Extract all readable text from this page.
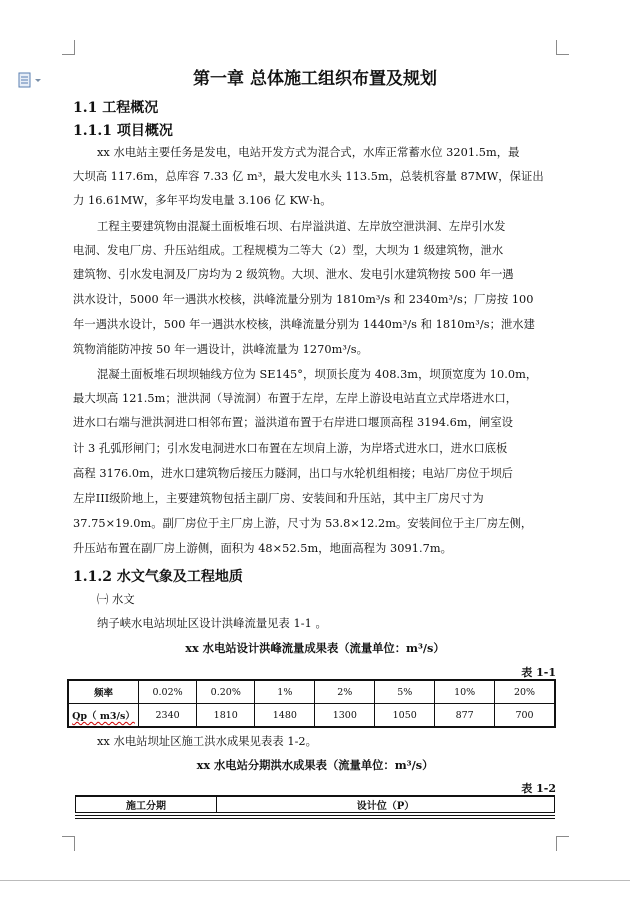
第一章 总体施工组织布置及规划
1.1 工程概况
1.1.1 项目概况
xx 水电站主要任务是发电，电站开发方式为混合式，水库正常蓄水位 3201.5m，最
大坝高 117.6m，总库容 7.33 亿 m³，最大发电水头 113.5m，总装机容量 87MW，保证出
力 16.61MW，多年平均发电量 3.106 亿 KW·h。
工程主要建筑物由混凝土面板堆石坝、右岸溢洪道、左岸放空泄洪洞、左岸引水发
电洞、发电厂房、升压站组成。工程规模为二等大（2）型，大坝为 1 级建筑物，泄水
建筑物、引水发电洞及厂房均为 2 级筑物。大坝、泄水、发电引水建筑物按 500 年一遇
洪水设计，5000 年一遇洪水校核，洪峰流量分别为 1810m³/s 和 2340m³/s；厂房按 100
年一遇洪水设计，500 年一遇洪水校核，洪峰流量分别为 1440m³/s 和 1810m³/s；泄水建
筑物消能防冲按 50 年一遇设计，洪峰流量为 1270m³/s。
混凝土面板堆石坝坝轴线方位为 SE145°，坝顶长度为 408.3m，坝顶宽度为 10.0m，
最大坝高 121.5m；泄洪洞（导流洞）布置于左岸，左岸上游设电站直立式岸塔进水口，
进水口右端与泄洪洞进口相邻布置；溢洪道布置于右岸进口堰顶高程 3194.6m，闸室设
计 3 孔弧形闸门；引水发电洞进水口布置在左坝肩上游，为岸塔式进水口，进水口底板
高程 3176.0m，进水口建筑物后接压力隧洞，出口与水轮机组相接；电站厂房位于坝后
左岸III级阶地上，主要建筑物包括主副厂房、安装间和升压站，其中主厂房尺寸为
37.75×19.0m。副厂房位于主厂房上游，尺寸为 53.8×12.2m。安装间位于主厂房左侧，
升压站布置在副厂房上游侧，面积为 48×52.5m，地面高程为 3091.7m。
1.1.2 水文气象及工程地质
㈠ 水文
纳子峡水电站坝址区设计洪峰流量见表 1-1 。
xx 水电站设计洪峰流量成果表（流量单位：m³/s）
表 1-1
频率	0.02%	0.20%	1%	2%	5%	10%	20%
Qp（ m3/s）	2340	1810	1480	1300	1050	877	700
xx 水电站坝址区施工洪水成果见表表 1-2。
xx 水电站分期洪水成果表（流量单位：m³/s）
表 1-2
施工分期	设计位（P）
